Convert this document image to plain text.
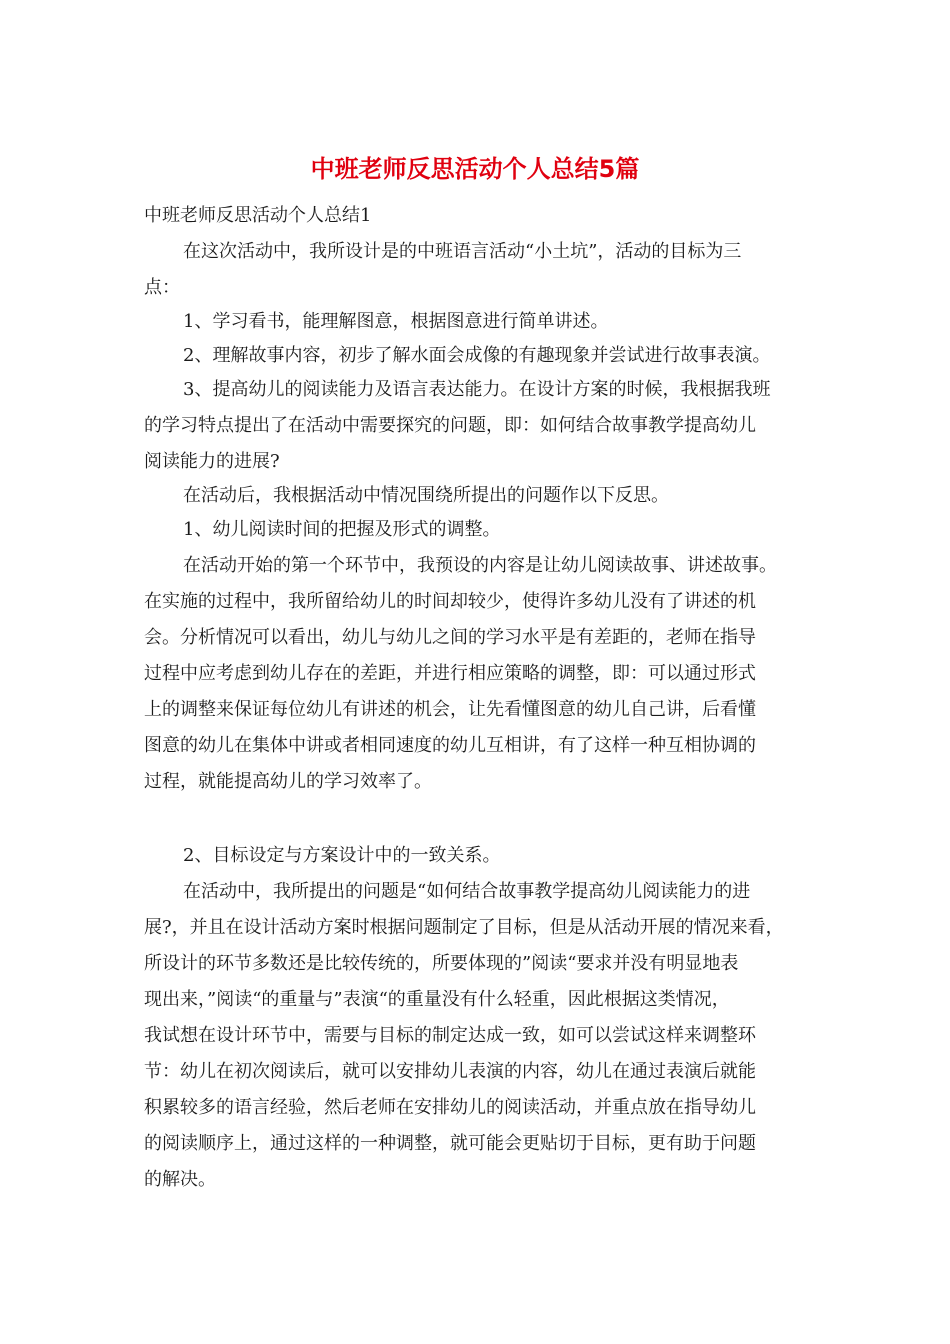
中班老师反思活动个人总结5篇

中班老师反思活动个人总结1

在这次活动中，我所设计是的中班语言活动“小土坑”，活动的目标为三

点：

1、学习看书，能理解图意，根据图意进行简单讲述。

2、理解故事内容，初步了解水面会成像的有趣现象并尝试进行故事表演。

3、提高幼儿的阅读能力及语言表达能力。在设计方案的时候，我根据我班

的学习特点提出了在活动中需要探究的问题，即：如何结合故事教学提高幼儿

阅读能力的进展?

在活动后，我根据活动中情况围绕所提出的问题作以下反思。

1、幼儿阅读时间的把握及形式的调整。

在活动开始的第一个环节中，我预设的内容是让幼儿阅读故事、讲述故事。

在实施的过程中，我所留给幼儿的时间却较少，使得许多幼儿没有了讲述的机

会。分析情况可以看出，幼儿与幼儿之间的学习水平是有差距的，老师在指导

过程中应考虑到幼儿存在的差距，并进行相应策略的调整，即：可以通过形式

上的调整来保证每位幼儿有讲述的机会，让先看懂图意的幼儿自己讲，后看懂

图意的幼儿在集体中讲或者相同速度的幼儿互相讲，有了这样一种互相协调的

过程，就能提高幼儿的学习效率了。

2、目标设定与方案设计中的一致关系。

在活动中，我所提出的问题是“如何结合故事教学提高幼儿阅读能力的进

展?，并且在设计活动方案时根据问题制定了目标，但是从活动开展的情况来看，

所设计的环节多数还是比较传统的，所要体现的”阅读“要求并没有明显地表

现出来，”阅读“的重量与”表演“的重量没有什么轻重，因此根据这类情况，

我试想在设计环节中，需要与目标的制定达成一致，如可以尝试这样来调整环

节：幼儿在初次阅读后，就可以安排幼儿表演的内容，幼儿在通过表演后就能

积累较多的语言经验，然后老师在安排幼儿的阅读活动，并重点放在指导幼儿

的阅读顺序上，通过这样的一种调整，就可能会更贴切于目标，更有助于问题

的解决。
